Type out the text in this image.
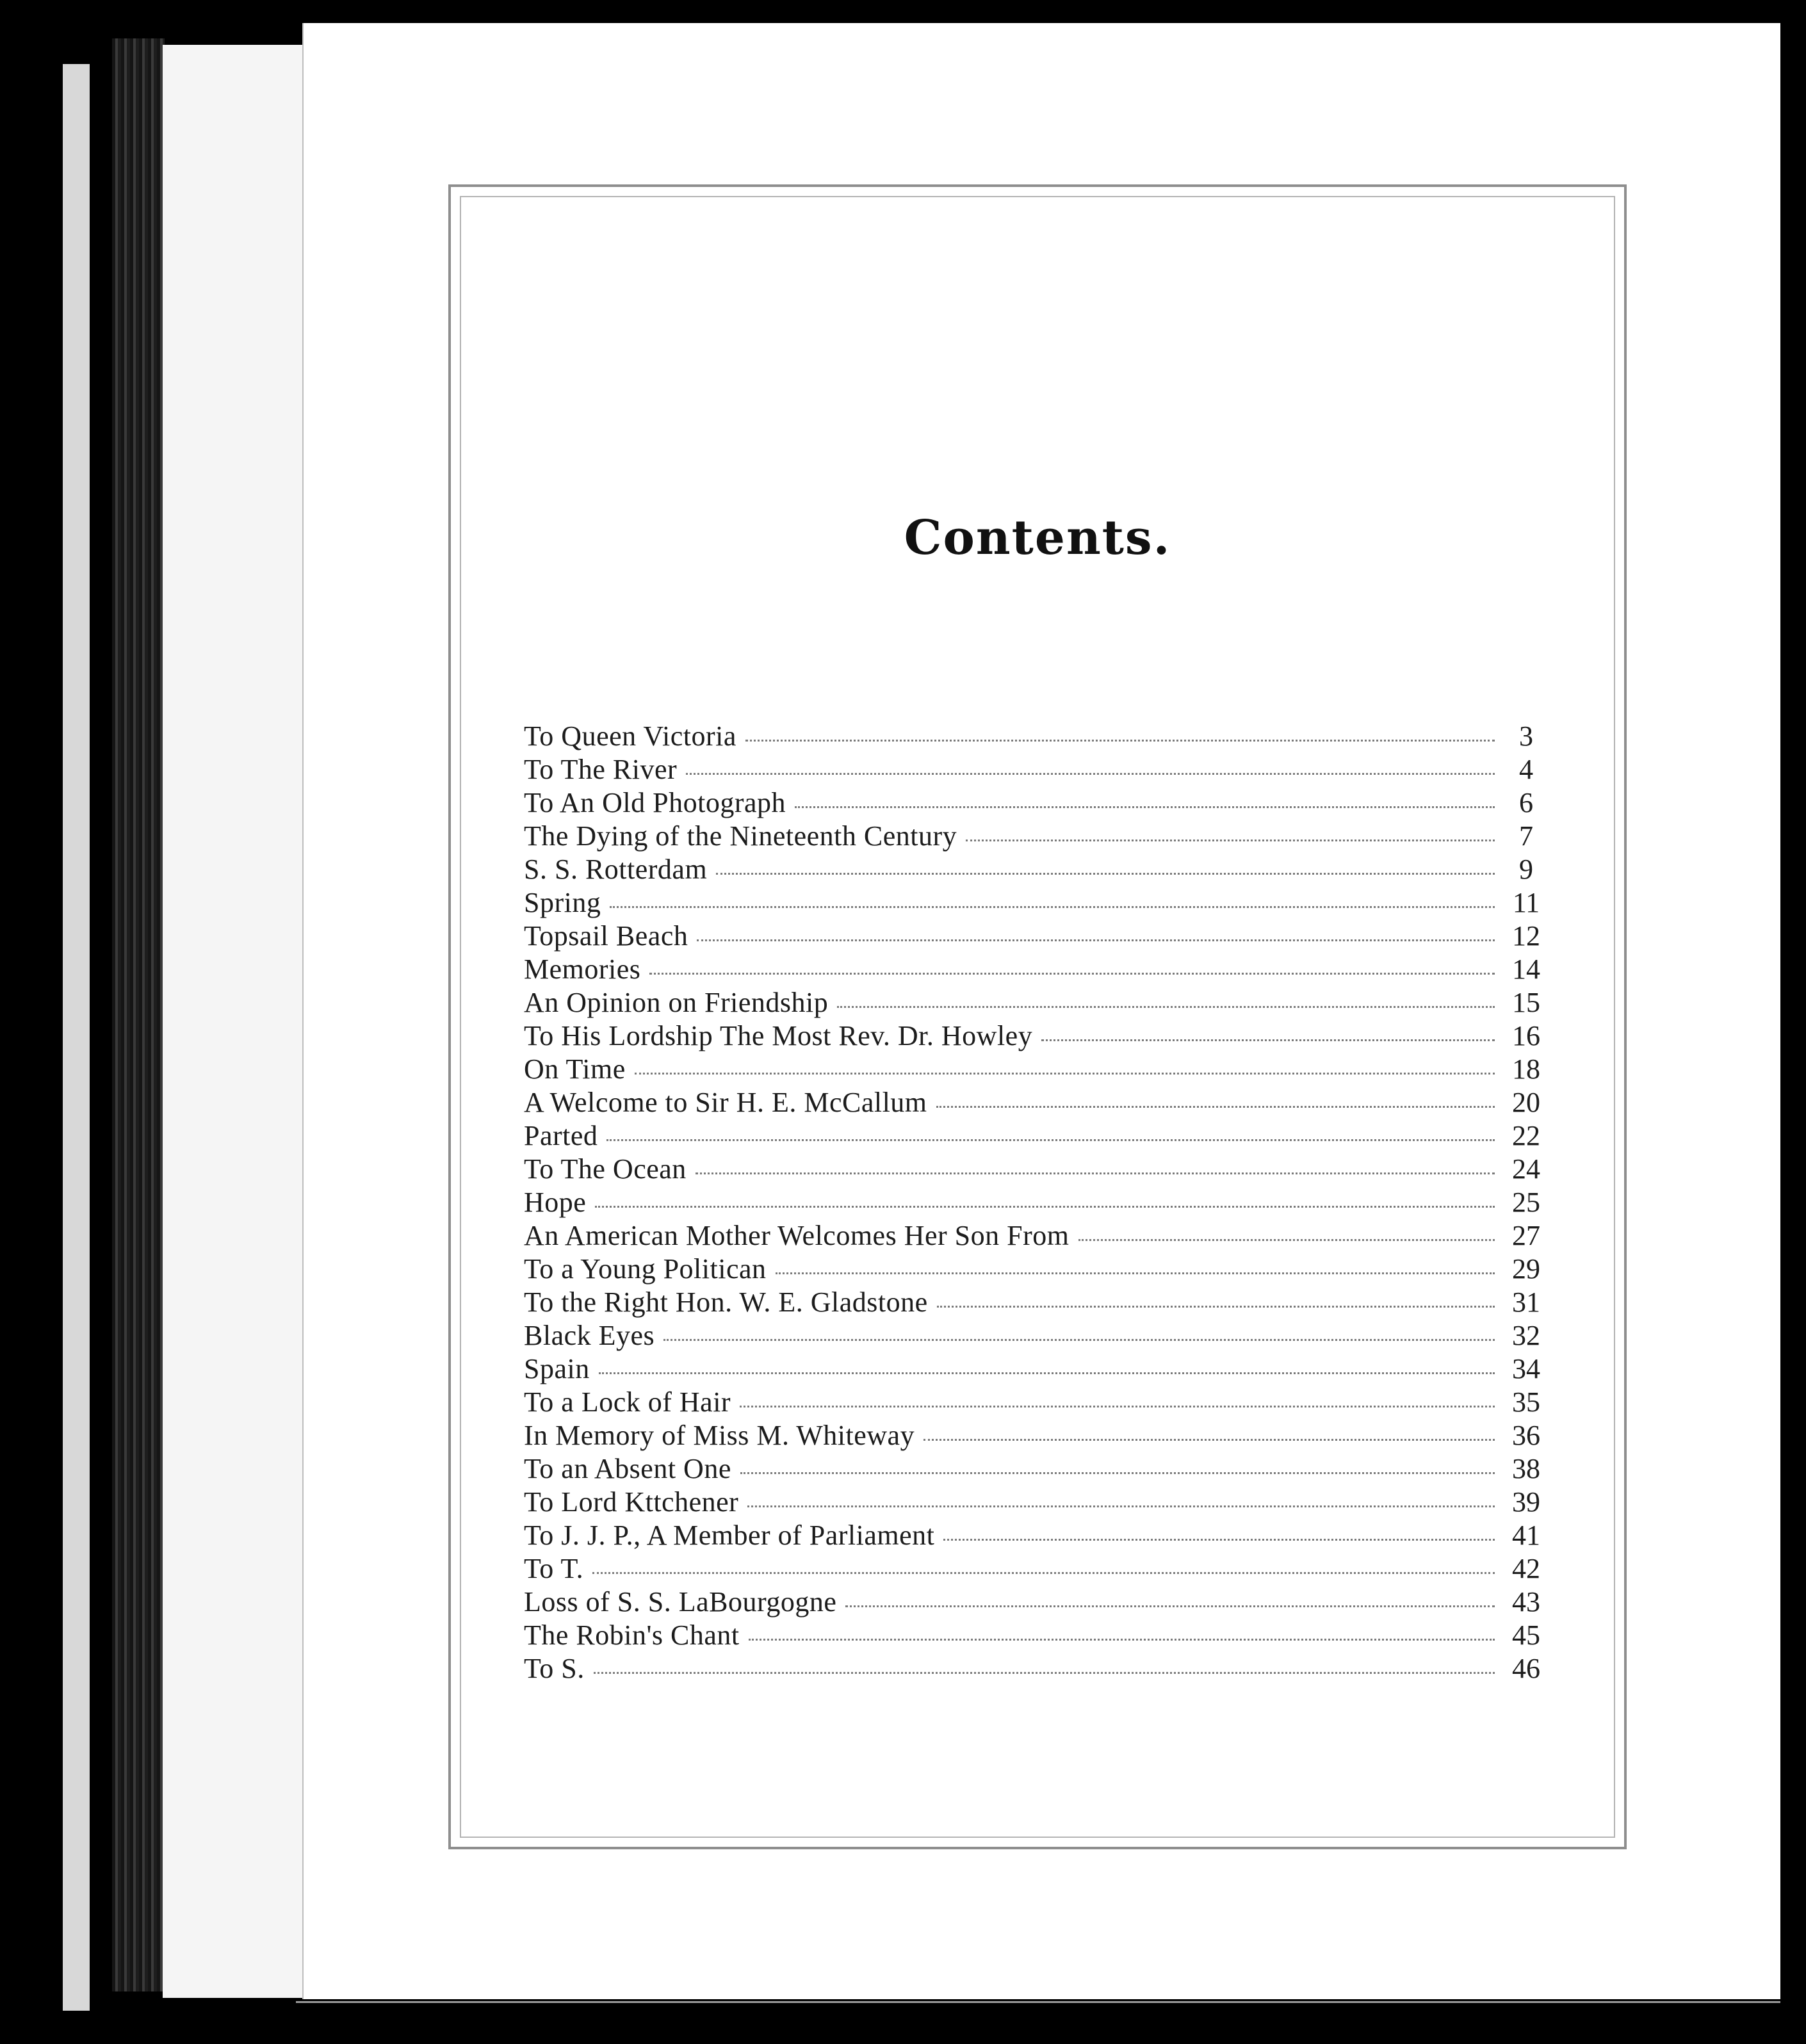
Contents.
To Queen Victoria	3
To The River	4
To An Old Photograph	6
The Dying of the Nineteenth Century	7
S. S. Rotterdam	9
Spring	11
Topsail Beach	12
Memories	14
An Opinion on Friendship	15
To His Lordship The Most Rev. Dr. Howley	16
On Time	18
A Welcome to Sir H. E. McCallum	20
Parted	22
To The Ocean	24
Hope	25
An American Mother Welcomes Her Son From	27
To a Young Politican	29
To the Right Hon. W. E. Gladstone	31
Black Eyes	32
Spain	34
To a Lock of Hair	35
In Memory of Miss M. Whiteway	36
To an Absent One	38
To Lord Kttchener	39
To J. J. P., A Member of Parliament	41
To T.	42
Loss of S. S. LaBourgogne	43
The Robin's Chant	45
To S.	46
